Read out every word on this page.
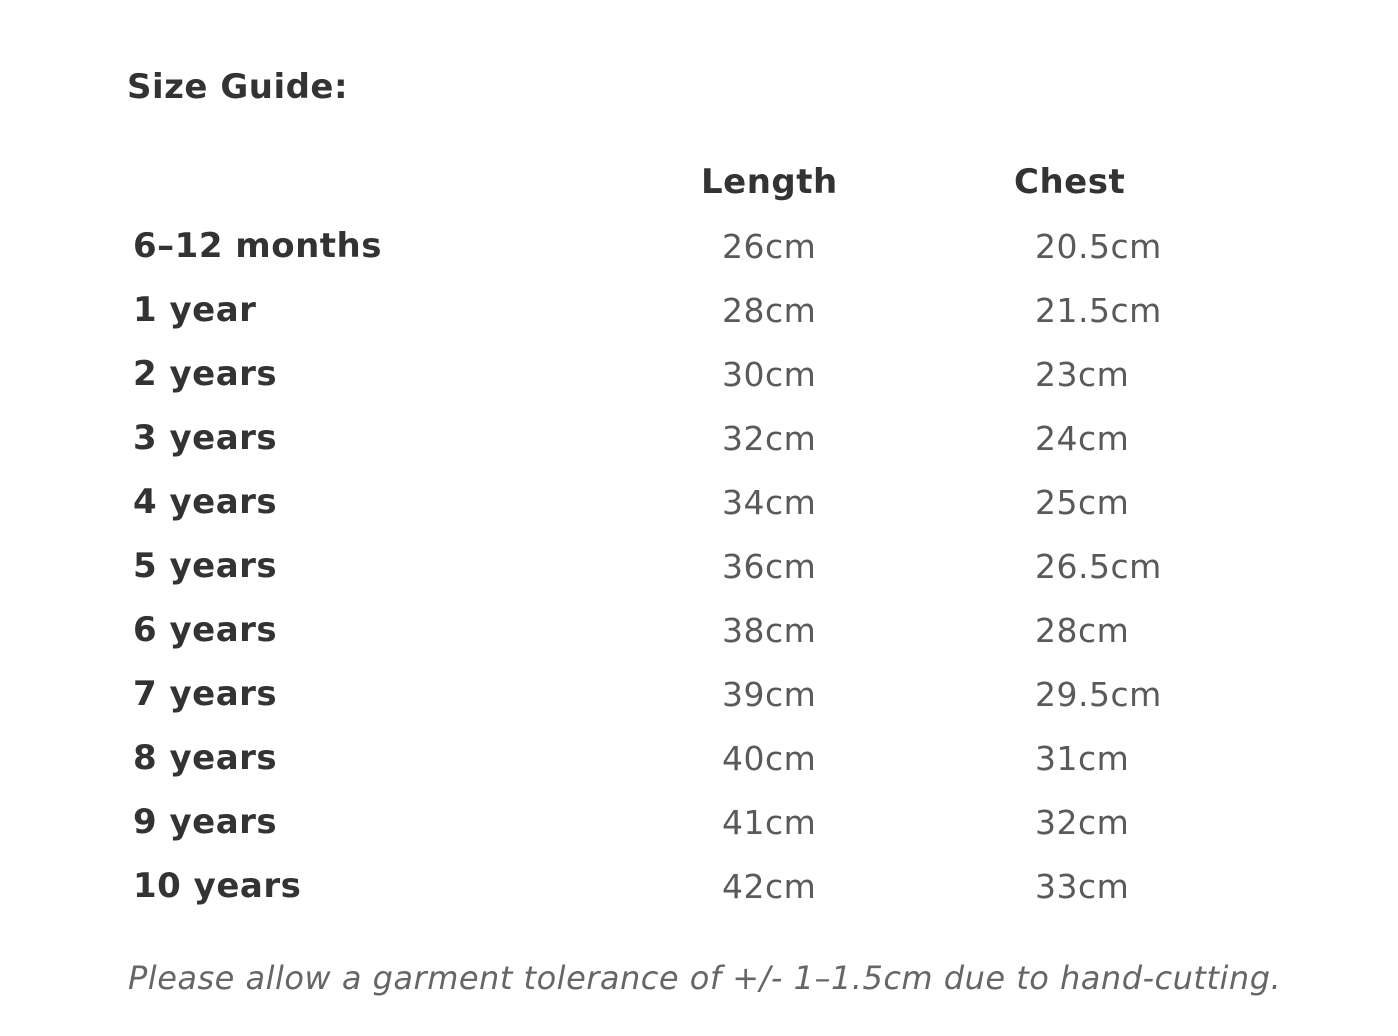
Size Guide:
	Length	Chest
6–12 months	26cm	20.5cm
1 year	28cm	21.5cm
2 years	30cm	23cm
3 years	32cm	24cm
4 years	34cm	25cm
5 years	36cm	26.5cm
6 years	38cm	28cm
7 years	39cm	29.5cm
8 years	40cm	31cm
9 years	41cm	32cm
10 years	42cm	33cm

Please allow a garment tolerance of +/- 1–1.5cm due to hand-cutting.
